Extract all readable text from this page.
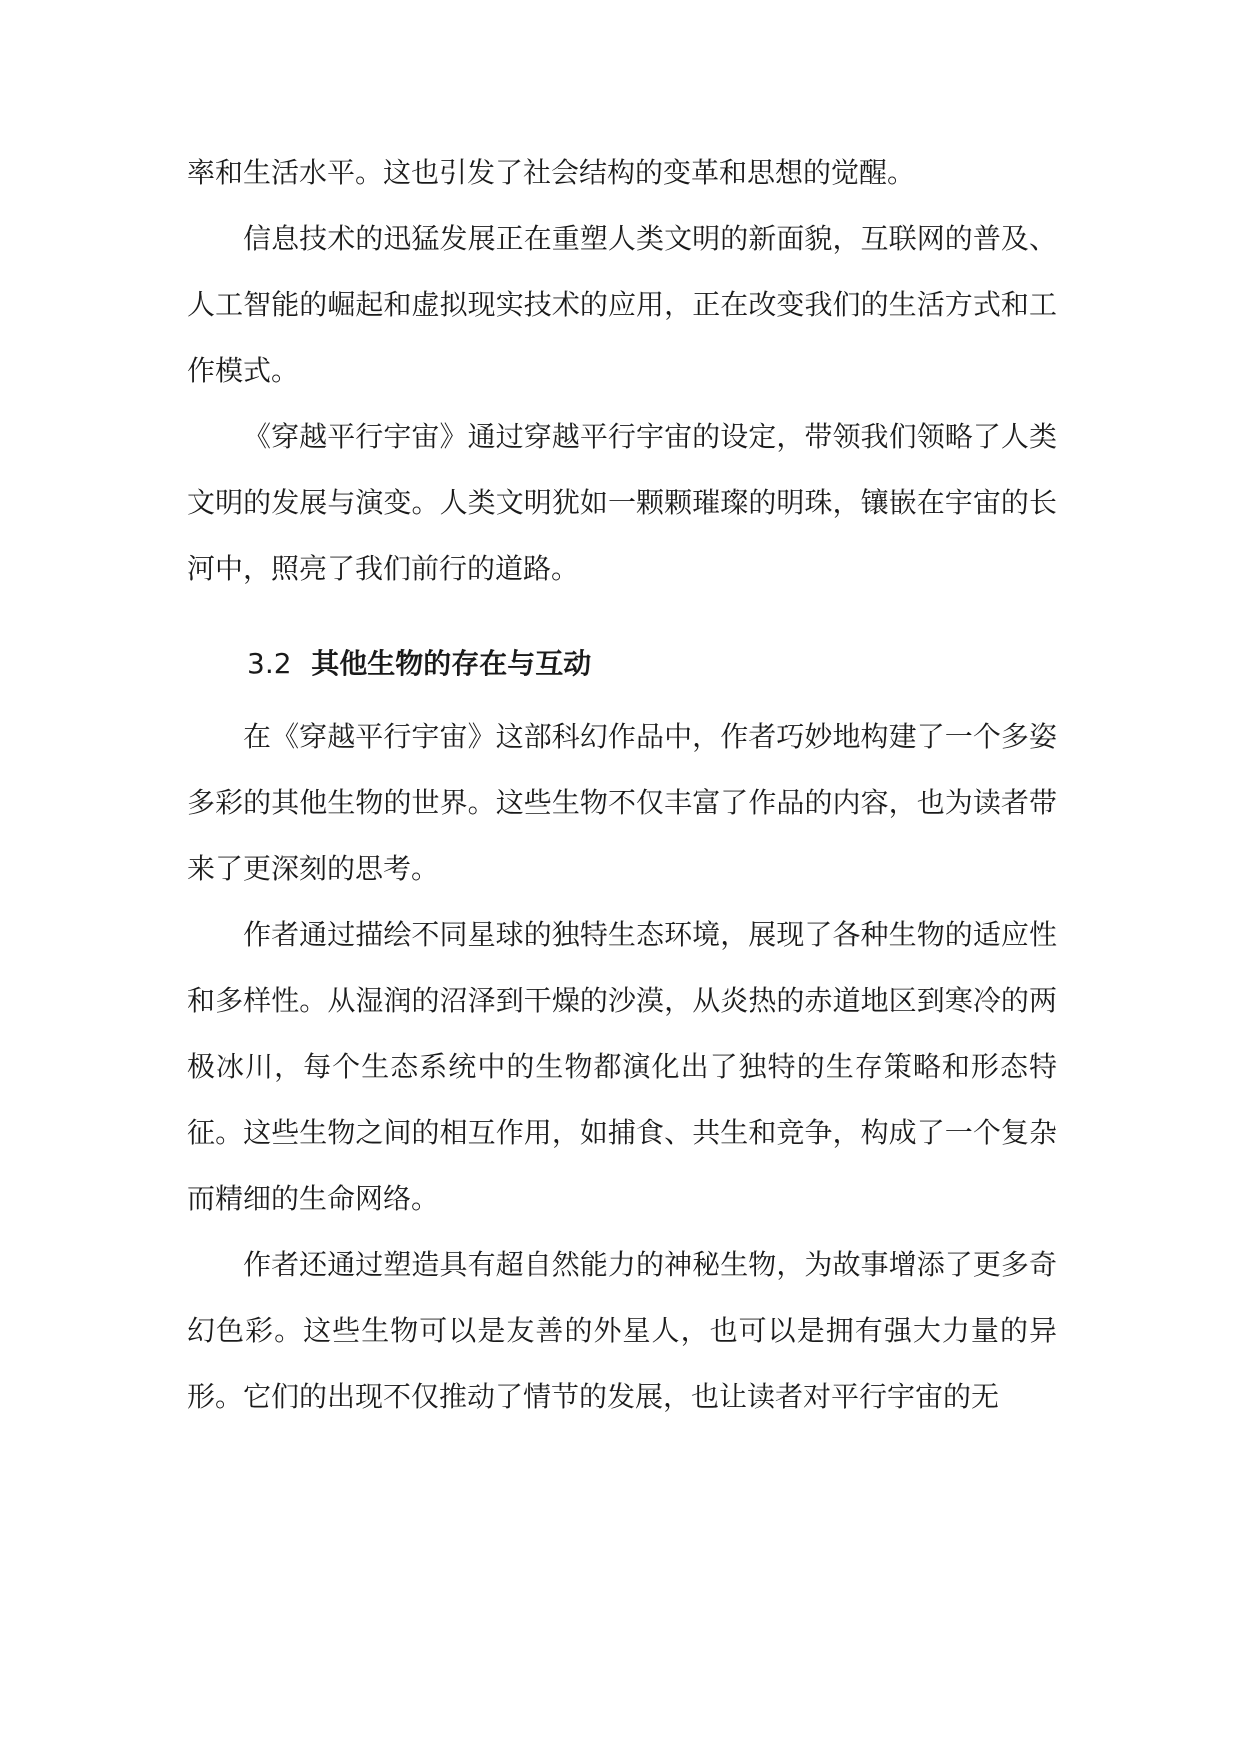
率和生活水平。这也引发了社会结构的变革和思想的觉醒。

信息技术的迅猛发展正在重塑人类文明的新面貌，互联网的普及、人工智能的崛起和虚拟现实技术的应用，正在改变我们的生活方式和工作模式。

《穿越平行宇宙》通过穿越平行宇宙的设定，带领我们领略了人类文明的发展与演变。人类文明犹如一颗颗璀璨的明珠，镶嵌在宇宙的长河中，照亮了我们前行的道路。

3.2 其他生物的存在与互动

在《穿越平行宇宙》这部科幻作品中，作者巧妙地构建了一个多姿多彩的其他生物的世界。这些生物不仅丰富了作品的内容，也为读者带来了更深刻的思考。

作者通过描绘不同星球的独特生态环境，展现了各种生物的适应性和多样性。从湿润的沼泽到干燥的沙漠，从炎热的赤道地区到寒冷的两极冰川，每个生态系统中的生物都演化出了独特的生存策略和形态特征。这些生物之间的相互作用，如捕食、共生和竞争，构成了一个复杂而精细的生命网络。

作者还通过塑造具有超自然能力的神秘生物，为故事增添了更多奇幻色彩。这些生物可以是友善的外星人，也可以是拥有强大力量的异形。它们的出现不仅推动了情节的发展，也让读者对平行宇宙的无
